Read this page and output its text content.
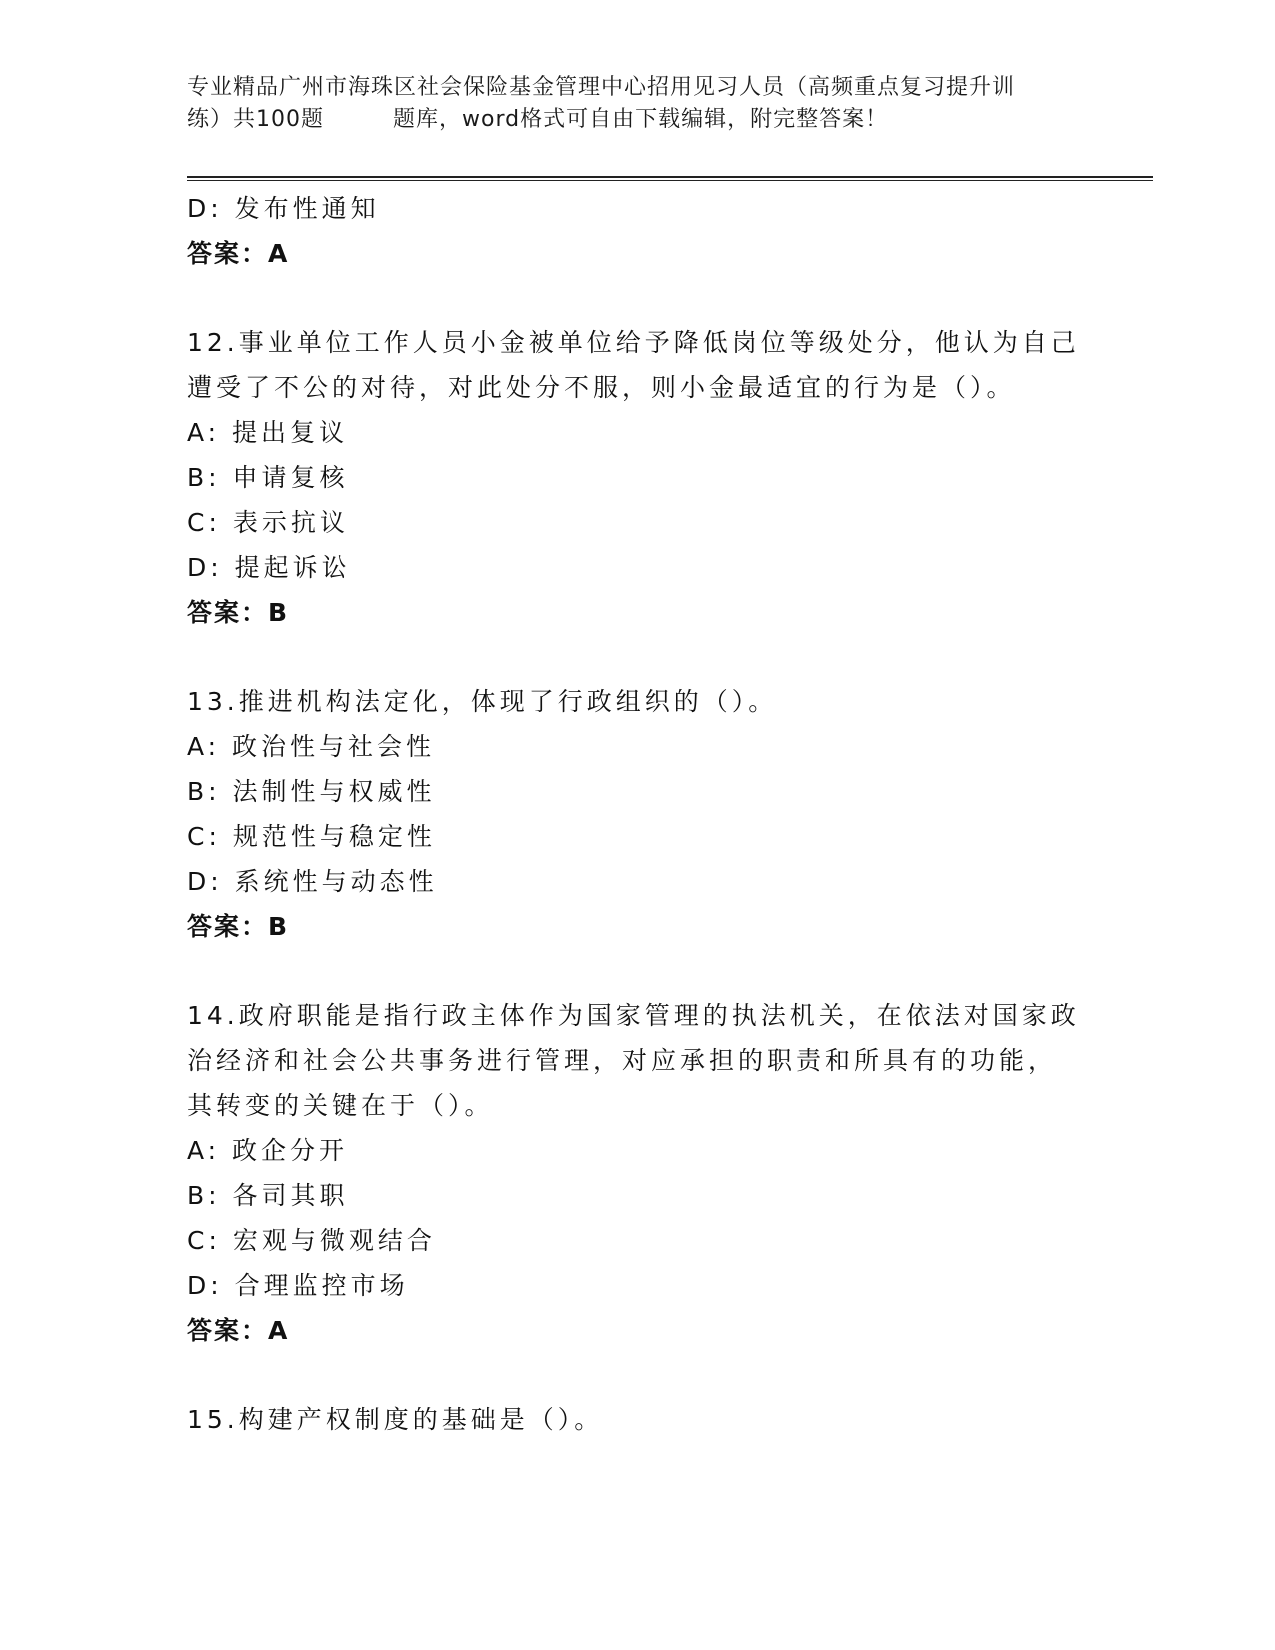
专业精品广州市海珠区社会保险基金管理中心招用见习人员（高频重点复习提升训
练）共100题　　　题库，word格式可自由下载编辑，附完整答案！
D: 发布性通知
答案：A
12.事业单位工作人员小金被单位给予降低岗位等级处分，他认为自己
遭受了不公的对待，对此处分不服，则小金最适宜的行为是（）。
A: 提出复议
B: 申请复核
C: 表示抗议
D: 提起诉讼
答案：B
13.推进机构法定化，体现了行政组织的（）。
A: 政治性与社会性
B: 法制性与权威性
C: 规范性与稳定性
D: 系统性与动态性
答案：B
14.政府职能是指行政主体作为国家管理的执法机关，在依法对国家政
治经济和社会公共事务进行管理，对应承担的职责和所具有的功能，
其转变的关键在于（）。
A: 政企分开
B: 各司其职
C: 宏观与微观结合
D: 合理监控市场
答案：A
15.构建产权制度的基础是（）。
